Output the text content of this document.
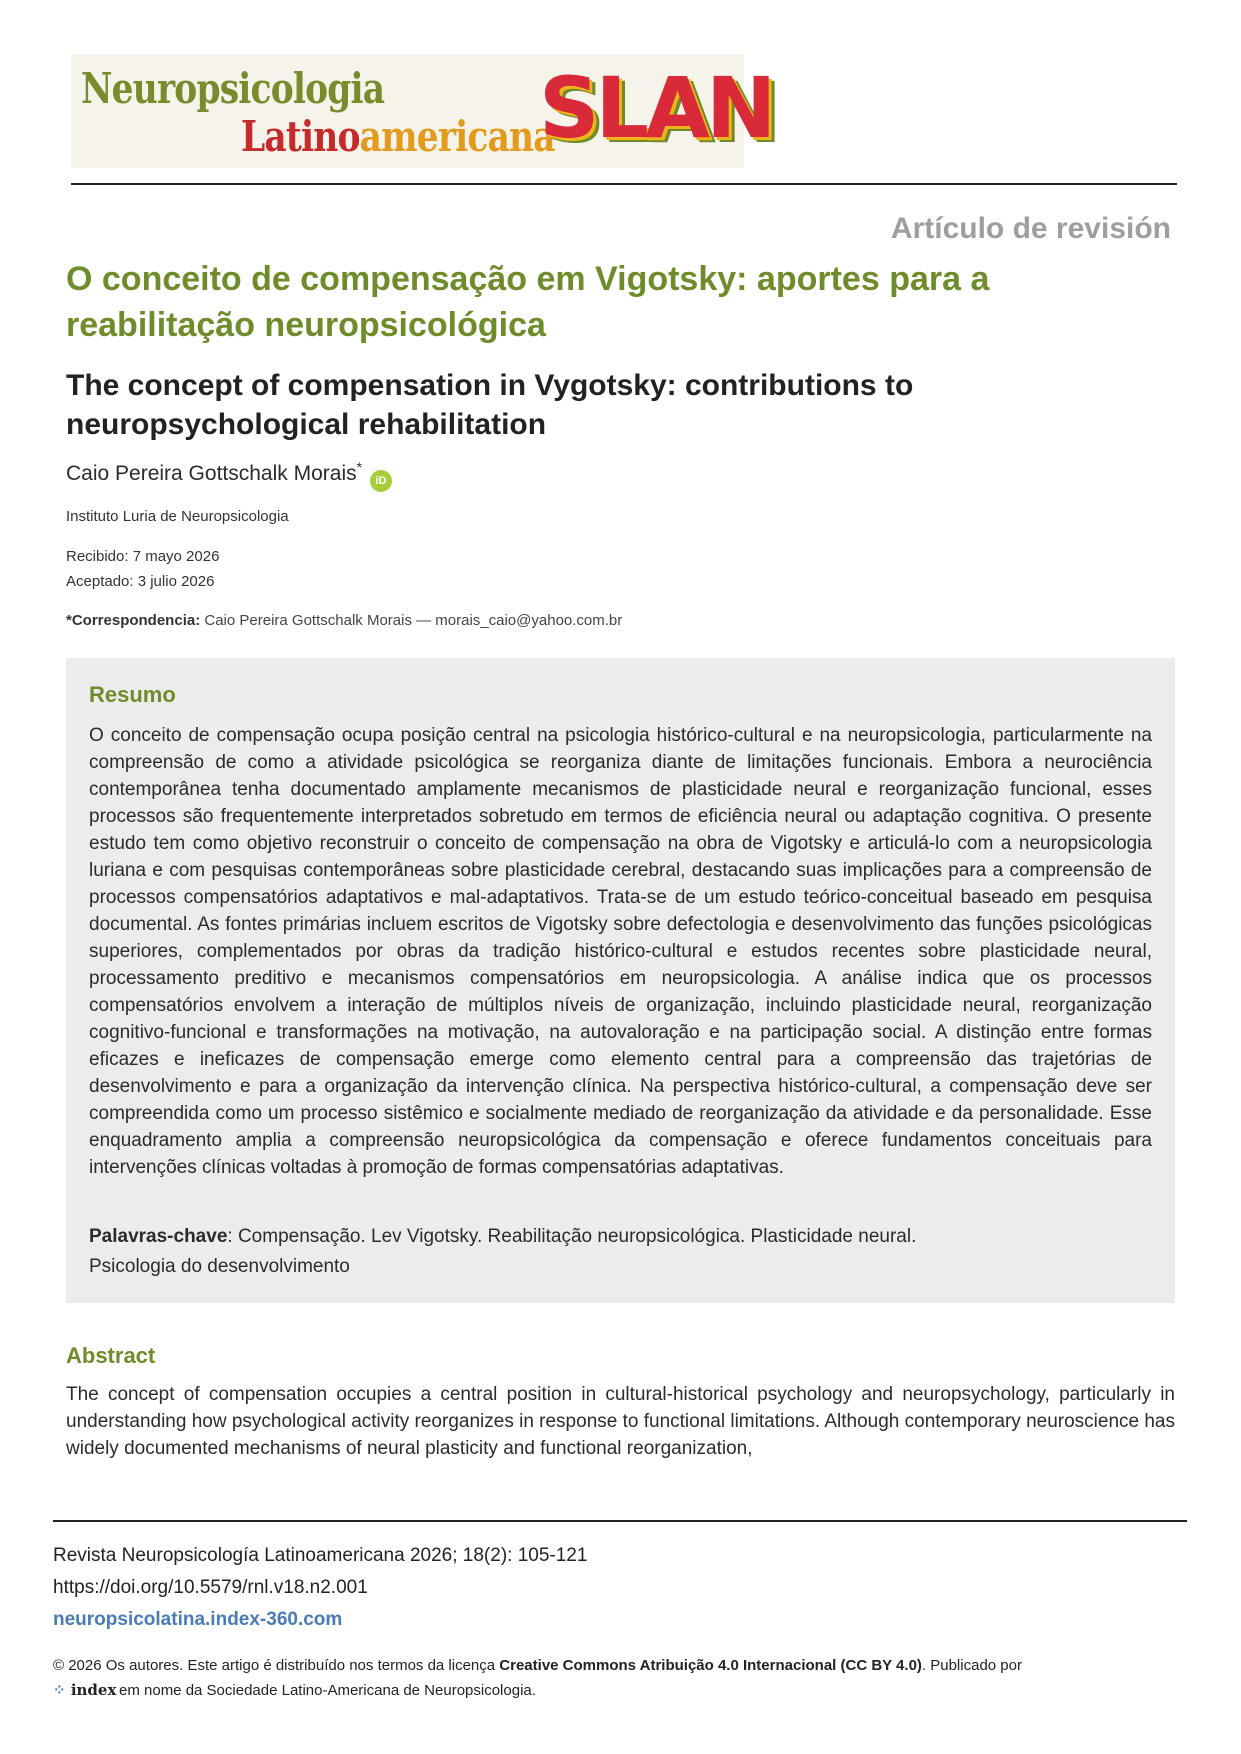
Neuropsicologia
Latinoamericana
SLAN
Artículo de revisión
O conceito de compensação em Vigotsky: aportes para a reabilitação neuropsicológica
The concept of compensation in Vygotsky: contributions to neuropsychological rehabilitation
Caio Pereira Gottschalk Morais* iD
Instituto Luria de Neuropsicologia
Recibido: 7 mayo 2026
Aceptado: 3 julio 2026
*Correspondencia: Caio Pereira Gottschalk Morais — morais_caio@yahoo.com.br
Resumo
O conceito de compensação ocupa posição central na psicologia histórico-cultural e na neuropsicologia, particularmente na compreensão de como a atividade psicológica se reorganiza diante de limitações funcionais. Embora a neurociência contemporânea tenha documentado amplamente mecanismos de plasticidade neural e reorganização funcional, esses processos são frequentemente interpretados sobretudo em termos de eficiência neural ou adaptação cognitiva. O presente estudo tem como objetivo reconstruir o conceito de compensação na obra de Vigotsky e articulá-lo com a neuropsicologia luriana e com pesquisas contemporâneas sobre plasticidade cerebral, destacando suas implicações para a compreensão de processos compensatórios adaptativos e mal-adaptativos. Trata-se de um estudo teórico-conceitual baseado em pesquisa documental. As fontes primárias incluem escritos de Vigotsky sobre defectologia e desenvolvimento das funções psicológicas superiores, complementados por obras da tradição histórico-cultural e estudos recentes sobre plasticidade neural, processamento preditivo e mecanismos compensatórios em neuropsicologia. A análise indica que os processos compensatórios envolvem a interação de múltiplos níveis de organização, incluindo plasticidade neural, reorganização cognitivo-funcional e transformações na motivação, na autovaloração e na participação social. A distinção entre formas eficazes e ineficazes de compensação emerge como elemento central para a compreensão das trajetórias de desenvolvimento e para a organização da intervenção clínica. Na perspectiva histórico-cultural, a compensação deve ser compreendida como um processo sistêmico e socialmente mediado de reorganização da atividade e da personalidade. Esse enquadramento amplia a compreensão neuropsicológica da compensação e oferece fundamentos conceituais para intervenções clínicas voltadas à promoção de formas compensatórias adaptativas.
Palavras-chave: Compensação. Lev Vigotsky. Reabilitação neuropsicológica. Plasticidade neural.
Psicologia do desenvolvimento
Abstract
The concept of compensation occupies a central position in cultural-historical psychology and neuropsychology, particularly in understanding how psychological activity reorganizes in response to functional limitations. Although contemporary neuroscience has widely documented mechanisms of neural plasticity and functional reorganization,
Revista Neuropsicología Latinoamericana 2026; 18(2): 105-121
https://doi.org/10.5579/rnl.v18.n2.001
neuropsicolatina.index-360.com
© 2026 Os autores. Este artigo é distribuído nos termos da licença Creative Commons Atribuição 4.0 Internacional (CC BY 4.0). Publicado por
⁘ index em nome da Sociedade Latino-Americana de Neuropsicologia.
